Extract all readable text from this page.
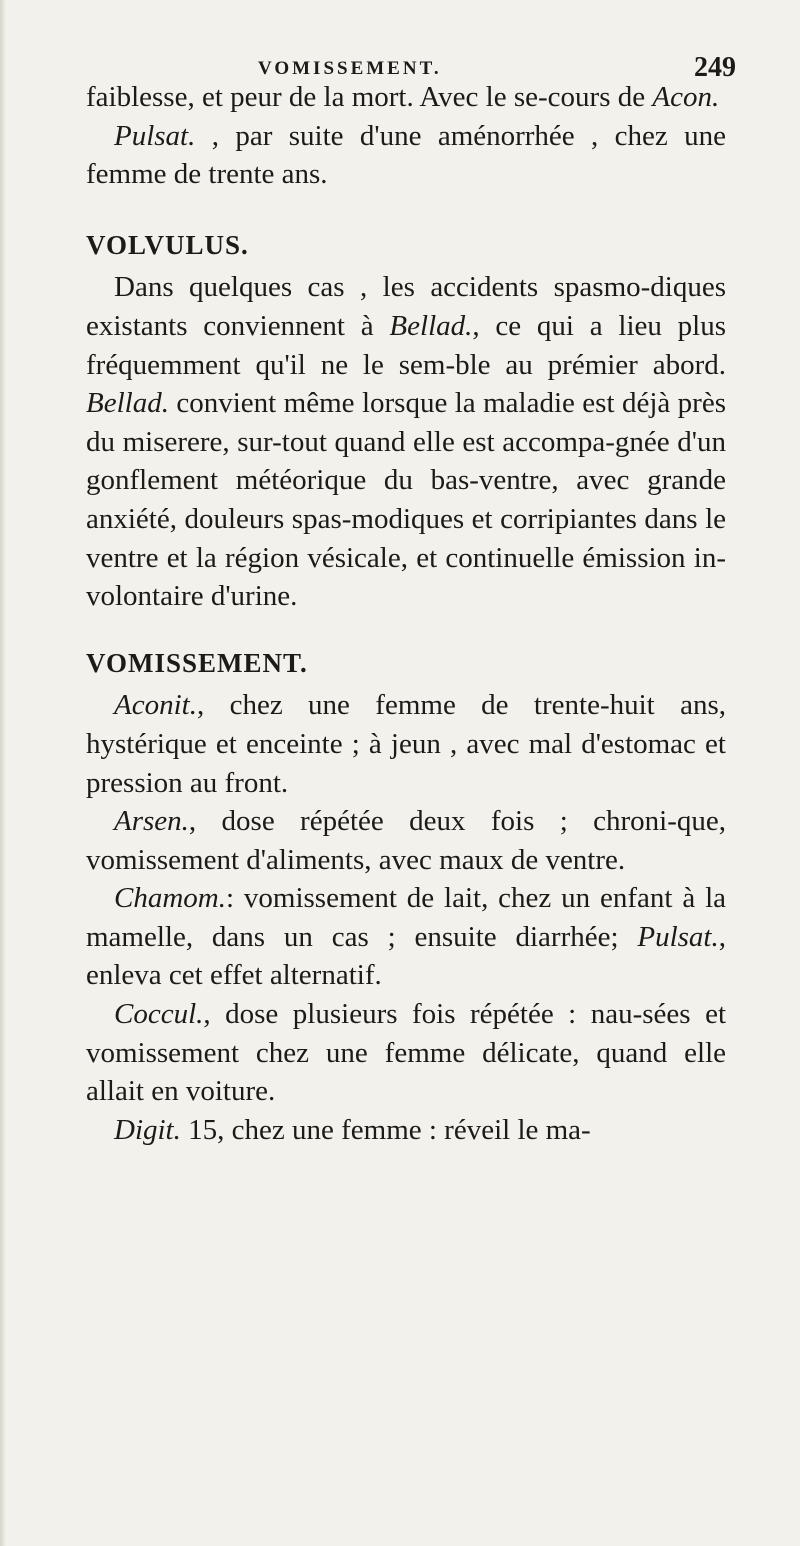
VOMISSEMENT.	249

faiblesse, et peur de la mort. Avec le se-cours de Acon.

Pulsat. , par suite d'une aménorrhée , chez une femme de trente ans.

VOLVULUS.

Dans quelques cas , les accidents spasmo-diques existants conviennent à Bellad., ce qui a lieu plus fréquemment qu'il ne le sem-ble au prémier abord. Bellad. convient même lorsque la maladie est déjà près du miserere, sur-tout quand elle est accompa-gnée d'un gonflement météorique du bas-ventre, avec grande anxiété, douleurs spas-modiques et corripiantes dans le ventre et la région vésicale, et continuelle émission in-volontaire d'urine.

VOMISSEMENT.

Aconit., chez une femme de trente-huit ans, hystérique et enceinte ; à jeun , avec mal d'estomac et pression au front.

Arsen., dose répétée deux fois ; chroni-que, vomissement d'aliments, avec maux de ventre.

Chamom.: vomissement de lait, chez un enfant à la mamelle, dans un cas ; ensuite diarrhée; Pulsat., enleva cet effet alternatif.

Coccul., dose plusieurs fois répétée : nau-sées et vomissement chez une femme délicate, quand elle allait en voiture.

Digit. 15, chez une femme : réveil le ma-
